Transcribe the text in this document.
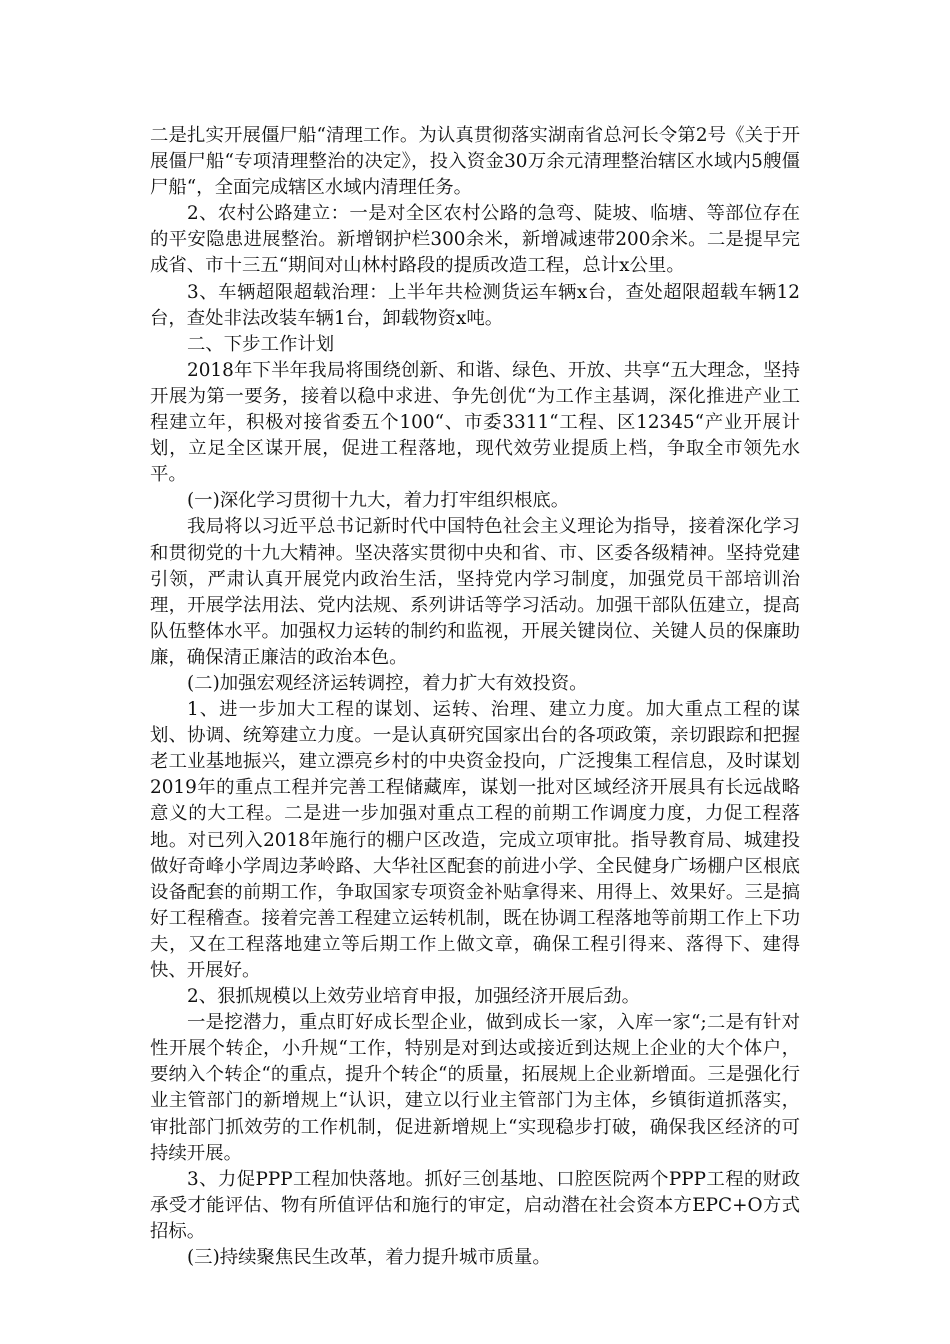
二是扎实开展僵尸船“清理工作。为认真贯彻落实湖南省总河长令第2号《关于开展僵尸船“专项清理整治的决定》，投入资金30万余元清理整治辖区水域内5艘僵尸船“，全面完成辖区水域内清理任务。

2、农村公路建立：一是对全区农村公路的急弯、陡坡、临塘、等部位存在的平安隐患进展整治。新增钢护栏300余米，新增减速带200余米。二是提早完成省、市十三五“期间对山林村路段的提质改造工程，总计x公里。

3、车辆超限超载治理：上半年共检测货运车辆x台，查处超限超载车辆12台，查处非法改装车辆1台，卸载物资x吨。

二、下步工作计划

2018年下半年我局将围绕创新、和谐、绿色、开放、共享“五大理念，坚持开展为第一要务，接着以稳中求进、争先创优“为工作主基调，深化推进产业工程建立年，积极对接省委五个100“、市委3311“工程、区12345“产业开展计划，立足全区谋开展，促进工程落地，现代效劳业提质上档，争取全市领先水平。

(一)深化学习贯彻十九大，着力打牢组织根底。

我局将以习近平总书记新时代中国特色社会主义理论为指导，接着深化学习和贯彻党的十九大精神。坚决落实贯彻中央和省、市、区委各级精神。坚持党建引领，严肃认真开展党内政治生活，坚持党内学习制度，加强党员干部培训治理，开展学法用法、党内法规、系列讲话等学习活动。加强干部队伍建立，提高队伍整体水平。加强权力运转的制约和监视，开展关键岗位、关键人员的保廉助廉，确保清正廉洁的政治本色。

(二)加强宏观经济运转调控，着力扩大有效投资。

1、进一步加大工程的谋划、运转、治理、建立力度。加大重点工程的谋划、协调、统筹建立力度。一是认真研究国家出台的各项政策，亲切跟踪和把握老工业基地振兴，建立漂亮乡村的中央资金投向，广泛搜集工程信息，及时谋划2019年的重点工程并完善工程储藏库，谋划一批对区域经济开展具有长远战略意义的大工程。二是进一步加强对重点工程的前期工作调度力度，力促工程落地。对已列入2018年施行的棚户区改造，完成立项审批。指导教育局、城建投做好奇峰小学周边茅岭路、大华社区配套的前进小学、全民健身广场棚户区根底设备配套的前期工作，争取国家专项资金补贴拿得来、用得上、效果好。三是搞好工程稽查。接着完善工程建立运转机制，既在协调工程落地等前期工作上下功夫，又在工程落地建立等后期工作上做文章，确保工程引得来、落得下、建得快、开展好。

2、狠抓规模以上效劳业培育申报，加强经济开展后劲。

一是挖潜力，重点盯好成长型企业，做到成长一家，入库一家“;二是有针对性开展个转企，小升规“工作，特别是对到达或接近到达规上企业的大个体户，要纳入个转企“的重点，提升个转企“的质量，拓展规上企业新增面。三是强化行业主管部门的新增规上“认识，建立以行业主管部门为主体，乡镇街道抓落实，审批部门抓效劳的工作机制，促进新增规上“实现稳步打破，确保我区经济的可持续开展。

3、力促PPP工程加快落地。抓好三创基地、口腔医院两个PPP工程的财政承受才能评估、物有所值评估和施行的审定，启动潜在社会资本方EPC+O方式招标。

(三)持续聚焦民生改革，着力提升城市质量。
